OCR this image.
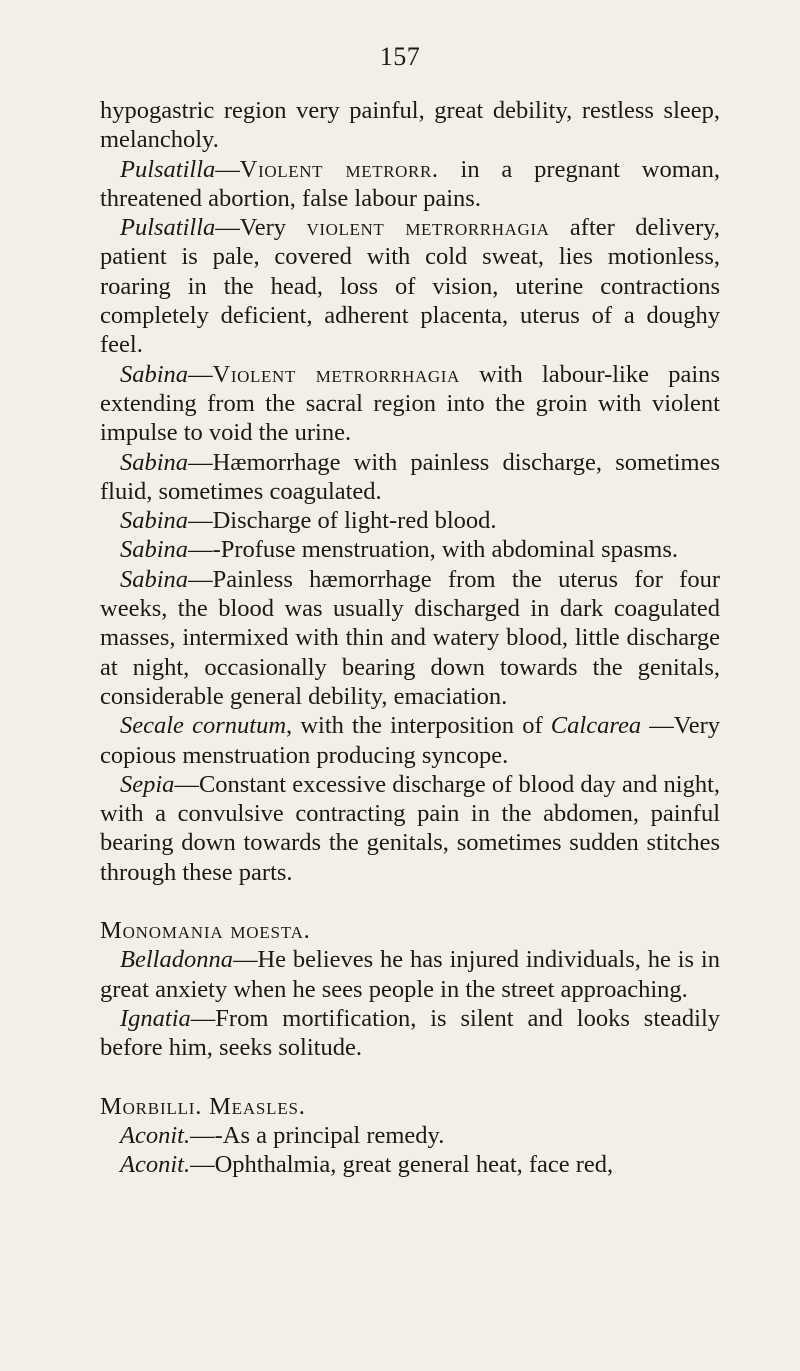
157

hypogastric region very painful, great debility, restless sleep, melancholy.

Pulsatilla—Violent metrorr. in a pregnant woman, threatened abortion, false labour pains.

Pulsatilla—Very violent metrorrhagia after delivery, patient is pale, covered with cold sweat, lies motionless, roaring in the head, loss of vision, uterine contractions completely deficient, adherent placenta, uterus of a doughy feel.

Sabina—Violent metrorrhagia with labour-like pains extending from the sacral region into the groin with violent impulse to void the urine.

Sabina—Hæmorrhage with painless discharge, sometimes fluid, sometimes coagulated.

Sabina—Discharge of light-red blood.

Sabina—-Profuse menstruation, with abdominal spasms.

Sabina—Painless hæmorrhage from the uterus for four weeks, the blood was usually discharged in dark coagulated masses, intermixed with thin and watery blood, little discharge at night, occasionally bearing down towards the genitals, considerable general debility, emaciation.

Secale cornutum, with the interposition of Calcarea —Very copious menstruation producing syncope.

Sepia—Constant excessive discharge of blood day and night, with a convulsive contracting pain in the abdomen, painful bearing down towards the genitals, sometimes sudden stitches through these parts.

Monomania moesta.

Belladonna—He believes he has injured individuals, he is in great anxiety when he sees people in the street approaching.

Ignatia—From mortification, is silent and looks steadily before him, seeks solitude.

Morbilli. Measles.

Aconit.—-As a principal remedy.

Aconit.—Ophthalmia, great general heat, face red,
